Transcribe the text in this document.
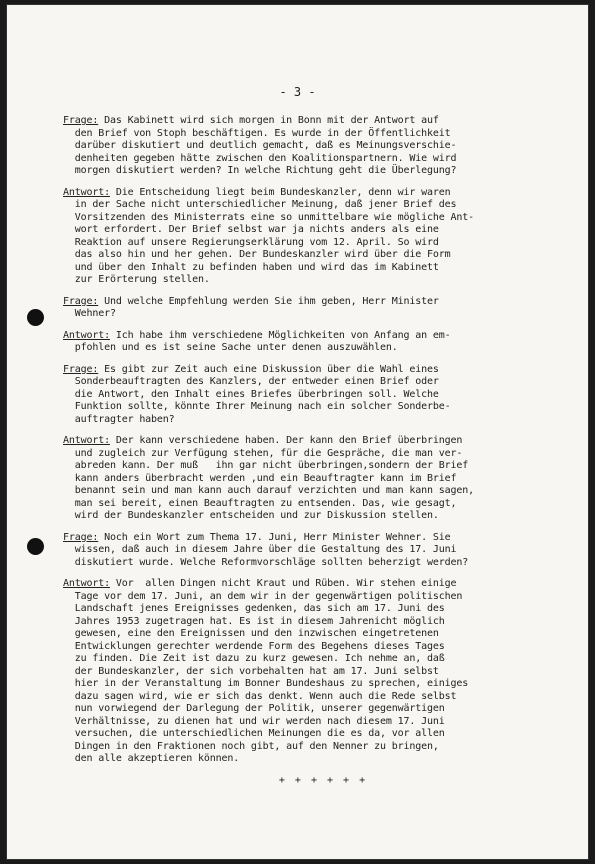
- 3 -
Frage: Das Kabinett wird sich morgen in Bonn mit der Antwort auf
den Brief von Stoph beschäftigen. Es wurde in der Öffentlichkeit
darüber diskutiert und deutlich gemacht, daß es Meinungsverschie-
denheiten gegeben hätte zwischen den Koalitionspartnern. Wie wird
morgen diskutiert werden? In welche Richtung geht die Überlegung?
Antwort: Die Entscheidung liegt beim Bundeskanzler, denn wir waren
in der Sache nicht unterschiedlicher Meinung, daß jener Brief des
Vorsitzenden des Ministerrats eine so unmittelbare wie mögliche Ant-
wort erfordert. Der Brief selbst war ja nichts anders als eine
Reaktion auf unsere Regierungserklärung vom 12. April. So wird
das also hin und her gehen. Der Bundeskanzler wird über die Form
und über den Inhalt zu befinden haben und wird das im Kabinett
zur Erörterung stellen.
Frage: Und welche Empfehlung werden Sie ihm geben, Herr Minister
Wehner?
Antwort: Ich habe ihm verschiedene Möglichkeiten von Anfang an em-
pfohlen und es ist seine Sache unter denen auszuwählen.
Frage: Es gibt zur Zeit auch eine Diskussion über die Wahl eines
Sonderbeauftragten des Kanzlers, der entweder einen Brief oder
die Antwort, den Inhalt eines Briefes überbringen soll. Welche
Funktion sollte, könnte Ihrer Meinung nach ein solcher Sonderbe-
auftragter haben?
Antwort: Der kann verschiedene haben. Der kann den Brief überbringen
und zugleich zur Verfügung stehen, für die Gespräche, die man ver-
abreden kann. Der muß   ihn gar nicht überbringen,sondern der Brief
kann anders überbracht werden ,und ein Beauftragter kann im Brief
benannt sein und man kann auch darauf verzichten und man kann sagen,
man sei bereit, einen Beauftragten zu entsenden. Das, wie gesagt,
wird der Bundeskanzler entscheiden und zur Diskussion stellen.
Frage: Noch ein Wort zum Thema 17. Juni, Herr Minister Wehner. Sie
wissen, daß auch in diesem Jahre über die Gestaltung des 17. Juni
diskutiert wurde. Welche Reformvorschläge sollten beherzigt werden?
Antwort: Vor  allen Dingen nicht Kraut und Rüben. Wir stehen einige
Tage vor dem 17. Juni, an dem wir in der gegenwärtigen politischen
Landschaft jenes Ereignisses gedenken, das sich am 17. Juni des
Jahres 1953 zugetragen hat. Es ist in diesem Jahrenicht möglich
gewesen, eine den Ereignissen und den inzwischen eingetretenen
Entwicklungen gerechter werdende Form des Begehens dieses Tages
zu finden. Die Zeit ist dazu zu kurz gewesen. Ich nehme an, daß
der Bundeskanzler, der sich vorbehalten hat am 17. Juni selbst
hier in der Veranstaltung im Bonner Bundeshaus zu sprechen, einiges
dazu sagen wird, wie er sich das denkt. Wenn auch die Rede selbst
nun vorwiegend der Darlegung der Politik, unserer gegenwärtigen
Verhältnisse, zu dienen hat und wir werden nach diesem 17. Juni
versuchen, die unterschiedlichen Meinungen die es da, vor allen
Dingen in den Fraktionen noch gibt, auf den Nenner zu bringen,
den alle akzeptieren können.
+ + + + + +
